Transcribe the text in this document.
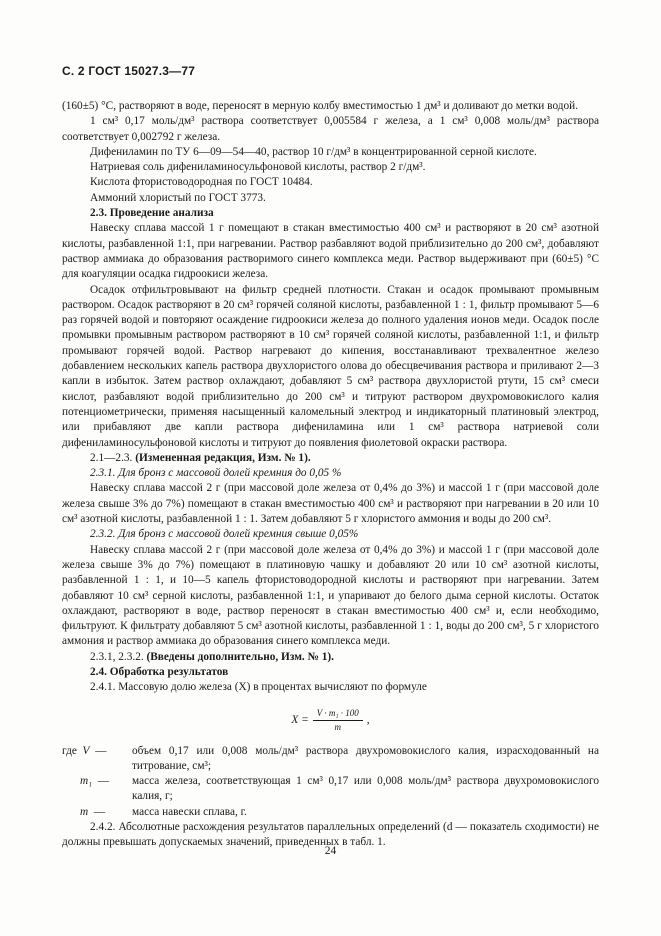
С. 2 ГОСТ 15027.3—77

(160±5) °С, растворяют в воде, переносят в мерную колбу вместимостью 1 дм³ и доливают до метки водой.

1 см³ 0,17 моль/дм³ раствора соответствует 0,005584 г железа, а 1 см³ 0,008 моль/дм³ раствора соответствует 0,002792 г железа.

Дифениламин по ТУ 6—09—54—40, раствор 10 г/дм³ в концентрированной серной кислоте.

Натриевая соль дифениламиносульфоновой кислоты, раствор 2 г/дм³.

Кислота фтористоводородная по ГОСТ 10484.

Аммоний хлористый по ГОСТ 3773.

2.3. Проведение анализа

Навеску сплава массой 1 г помещают в стакан вместимостью 400 см³ и растворяют в 20 см³ азотной кислоты, разбавленной 1:1, при нагревании. Раствор разбавляют водой приблизительно до 200 см³, добавляют раствор аммиака до образования растворимого синего комплекса меди. Раствор выдерживают при (60±5) °С для коагуляции осадка гидроокиси железа.

Осадок отфильтровывают на фильтр средней плотности. Стакан и осадок промывают промывным раствором. Осадок растворяют в 20 см³ горячей соляной кислоты, разбавленной 1 : 1, фильтр промывают 5—6 раз горячей водой и повторяют осаждение гидроокиси железа до полного удаления ионов меди. Осадок после промывки промывным раствором растворяют в 10 см³ горячей соляной кислоты, разбавленной 1:1, и фильтр промывают горячей водой. Раствор нагревают до кипения, восстанавливают трехвалентное железо добавлением нескольких капель раствора двухлористого олова до обесцвечивания раствора и приливают 2—3 капли в избыток. Затем раствор охлаждают, добавляют 5 см³ раствора двухлористой ртути, 15 см³ смеси кислот, разбавляют водой приблизительно до 200 см³ и титруют раствором двухромовокислого калия потенциометрически, применяя насыщенный каломельный электрод и индикаторный платиновый электрод, или прибавляют две капли раствора дифениламина или 1 см³ раствора натриевой соли дифениламиносульфоновой кислоты и титруют до появления фиолетовой окраски раствора.

2.1—2.3. (Измененная редакция, Изм. № 1).

2.3.1. Для бронз с массовой долей кремния до 0,05 %

Навеску сплава массой 2 г (при массовой доле железа от 0,4% до 3%) и массой 1 г (при массовой доле железа свыше 3% до 7%) помещают в стакан вместимостью 400 см³ и растворяют при нагревании в 20 или 10 см³ азотной кислоты, разбавленной 1 : 1. Затем добавляют 5 г хлористого аммония и воды до 200 см³.

2.3.2. Для бронз с массовой долей кремния свыше 0,05%

Навеску сплава массой 2 г (при массовой доле железа от 0,4% до 3%) и массой 1 г (при массовой доле железа свыше 3% до 7%) помещают в платиновую чашку и добавляют 20 или 10 см³ азотной кислоты, разбавленной 1 : 1, и 10—5 капель фтористоводородной кислоты и растворяют при нагревании. Затем добавляют 10 см³ серной кислоты, разбавленной 1:1, и упаривают до белого дыма серной кислоты. Остаток охлаждают, растворяют в воде, раствор переносят в стакан вместимостью 400 см³ и, если необходимо, фильтруют. К фильтрату добавляют 5 см³ азотной кислоты, разбавленной 1 : 1, воды до 200 см³, 5 г хлористого аммония и раствор аммиака до образования синего комплекса меди.

2.3.1, 2.3.2. (Введены дополнительно, Изм. № 1).

2.4. Обработка результатов

2.4.1. Массовую долю железа (X) в процентах вычисляют по формуле

$X = \frac{\text{V · m₁ · 100}}{m}$ ,
где V —	объем 0,17 или 0,008 моль/дм³ раствора двухромовокислого калия, израсходованный на титрование, см³;
m₁ —	масса железа, соответствующая 1 см³ 0,17 или 0,008 моль/дм³ раствора двухромовокислого калия, г;
m —	масса навески сплава, г.

2.4.2. Абсолютные расхождения результатов параллельных определений (d — показатель сходимости) не должны превышать допускаемых значений, приведенных в табл. 1.

24
